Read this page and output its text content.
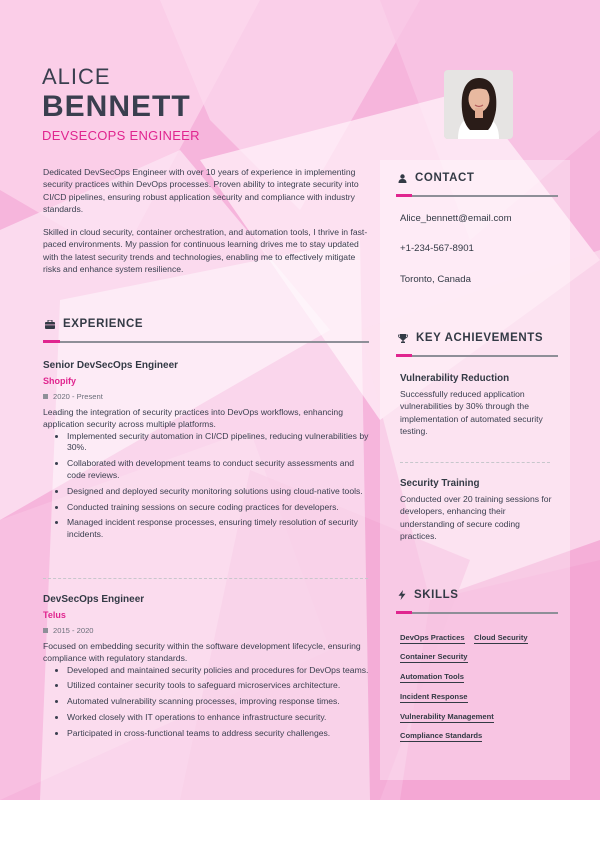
ALICE
BENNETT
DEVSECOPS ENGINEER

Dedicated DevSecOps Engineer with over 10 years of experience in implementing security practices within DevOps processes. Proven ability to integrate security into CI/CD pipelines, ensuring robust application security and compliance with industry standards.

Skilled in cloud security, container orchestration, and automation tools, I thrive in fast-paced environments. My passion for continuous learning drives me to stay updated with the latest security trends and technologies, enabling me to effectively mitigate risks and enhance system resilience.

EXPERIENCE
Senior DevSecOps Engineer
Shopify
2020 - Present
Leading the integration of security practices into DevOps workflows, enhancing application security across multiple platforms.
• Implemented security automation in CI/CD pipelines, reducing vulnerabilities by 30%.
• Collaborated with development teams to conduct security assessments and code reviews.
• Designed and deployed security monitoring solutions using cloud-native tools.
• Conducted training sessions on secure coding practices for developers.
• Managed incident response processes, ensuring timely resolution of security incidents.
DevSecOps Engineer
Telus
2015 - 2020
Focused on embedding security within the software development lifecycle, ensuring compliance with regulatory standards.
• Developed and maintained security policies and procedures for DevOps teams.
• Utilized container security tools to safeguard microservices architecture.
• Automated vulnerability scanning processes, improving response times.
• Worked closely with IT operations to enhance infrastructure security.
• Participated in cross-functional teams to address security challenges.
CONTACT
Alice_bennett@email.com
+1-234-567-8901
Toronto, Canada
KEY ACHIEVEMENTS
Vulnerability Reduction
Successfully reduced application vulnerabilities by 30% through the implementation of automated security testing.
Security Training
Conducted over 20 training sessions for developers, enhancing their understanding of secure coding practices.
SKILLS
DevOps Practices Cloud Security
Container Security
Automation Tools
Incident Response
Vulnerability Management
Compliance Standards
